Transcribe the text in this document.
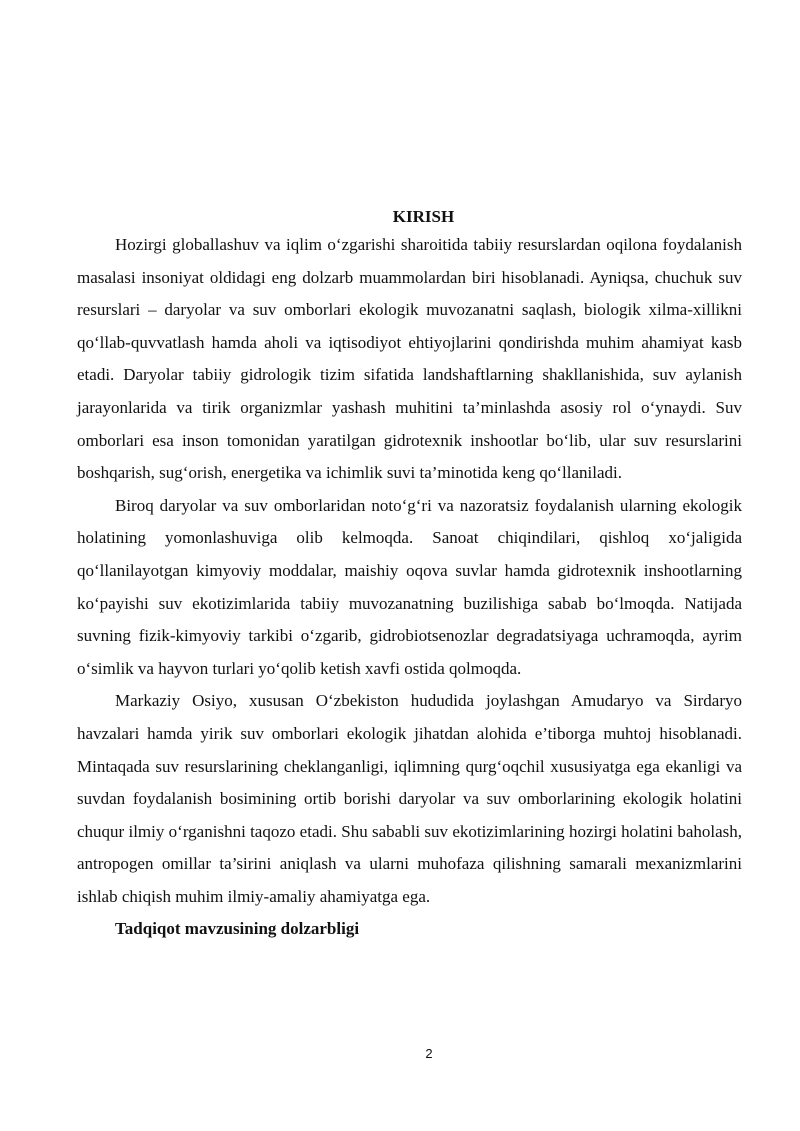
KIRISH

Hozirgi globallashuv va iqlim o‘zgarishi sharoitida tabiiy resurslardan oqilona foydalanish masalasi insoniyat oldidagi eng dolzarb muammolardan biri hisoblanadi. Ayniqsa, chuchuk suv resurslari – daryolar va suv omborlari ekologik muvozanatni saqlash, biologik xilma-xillikni qo‘llab-quvvatlash hamda aholi va iqtisodiyot ehtiyojlarini qondirishda muhim ahamiyat kasb etadi. Daryolar tabiiy gidrologik tizim sifatida landshaftlarning shakllanishida, suv aylanish jarayonlarida va tirik organizmlar yashash muhitini ta’minlashda asosiy rol o‘ynaydi. Suv omborlari esa inson tomonidan yaratilgan gidrotexnik inshootlar bo‘lib, ular suv resurslarini boshqarish, sug‘orish, energetika va ichimlik suvi ta’minotida keng qo‘llaniladi.

Biroq daryolar va suv omborlaridan noto‘g‘ri va nazoratsiz foydalanish ularning ekologik holatining yomonlashuviga olib kelmoqda. Sanoat chiqindilari, qishloq xo‘jaligida qo‘llanilayotgan kimyoviy moddalar, maishiy oqova suvlar hamda gidrotexnik inshootlarning ko‘payishi suv ekotizimlarida tabiiy muvozanatning buzilishiga sabab bo‘lmoqda. Natijada suvning fizik-kimyoviy tarkibi o‘zgarib, gidrobiotsenozlar degradatsiyaga uchramoqda, ayrim o‘simlik va hayvon turlari yo‘qolib ketish xavfi ostida qolmoqda.

Markaziy Osiyo, xususan O‘zbekiston hududida joylashgan Amudaryo va Sirdaryo havzalari hamda yirik suv omborlari ekologik jihatdan alohida e’tiborga muhtoj hisoblanadi. Mintaqada suv resurslarining cheklanganligi, iqlimning qurg‘oqchil xususiyatga ega ekanligi va suvdan foydalanish bosimining ortib borishi daryolar va suv omborlarining ekologik holatini chuqur ilmiy o‘rganishni taqozo etadi. Shu sababli suv ekotizimlarining hozirgi holatini baholash, antropogen omillar ta’sirini aniqlash va ularni muhofaza qilishning samarali mexanizmlarini ishlab chiqish muhim ilmiy-amaliy ahamiyatga ega.

Tadqiqot mavzusining dolzarbligi

2
